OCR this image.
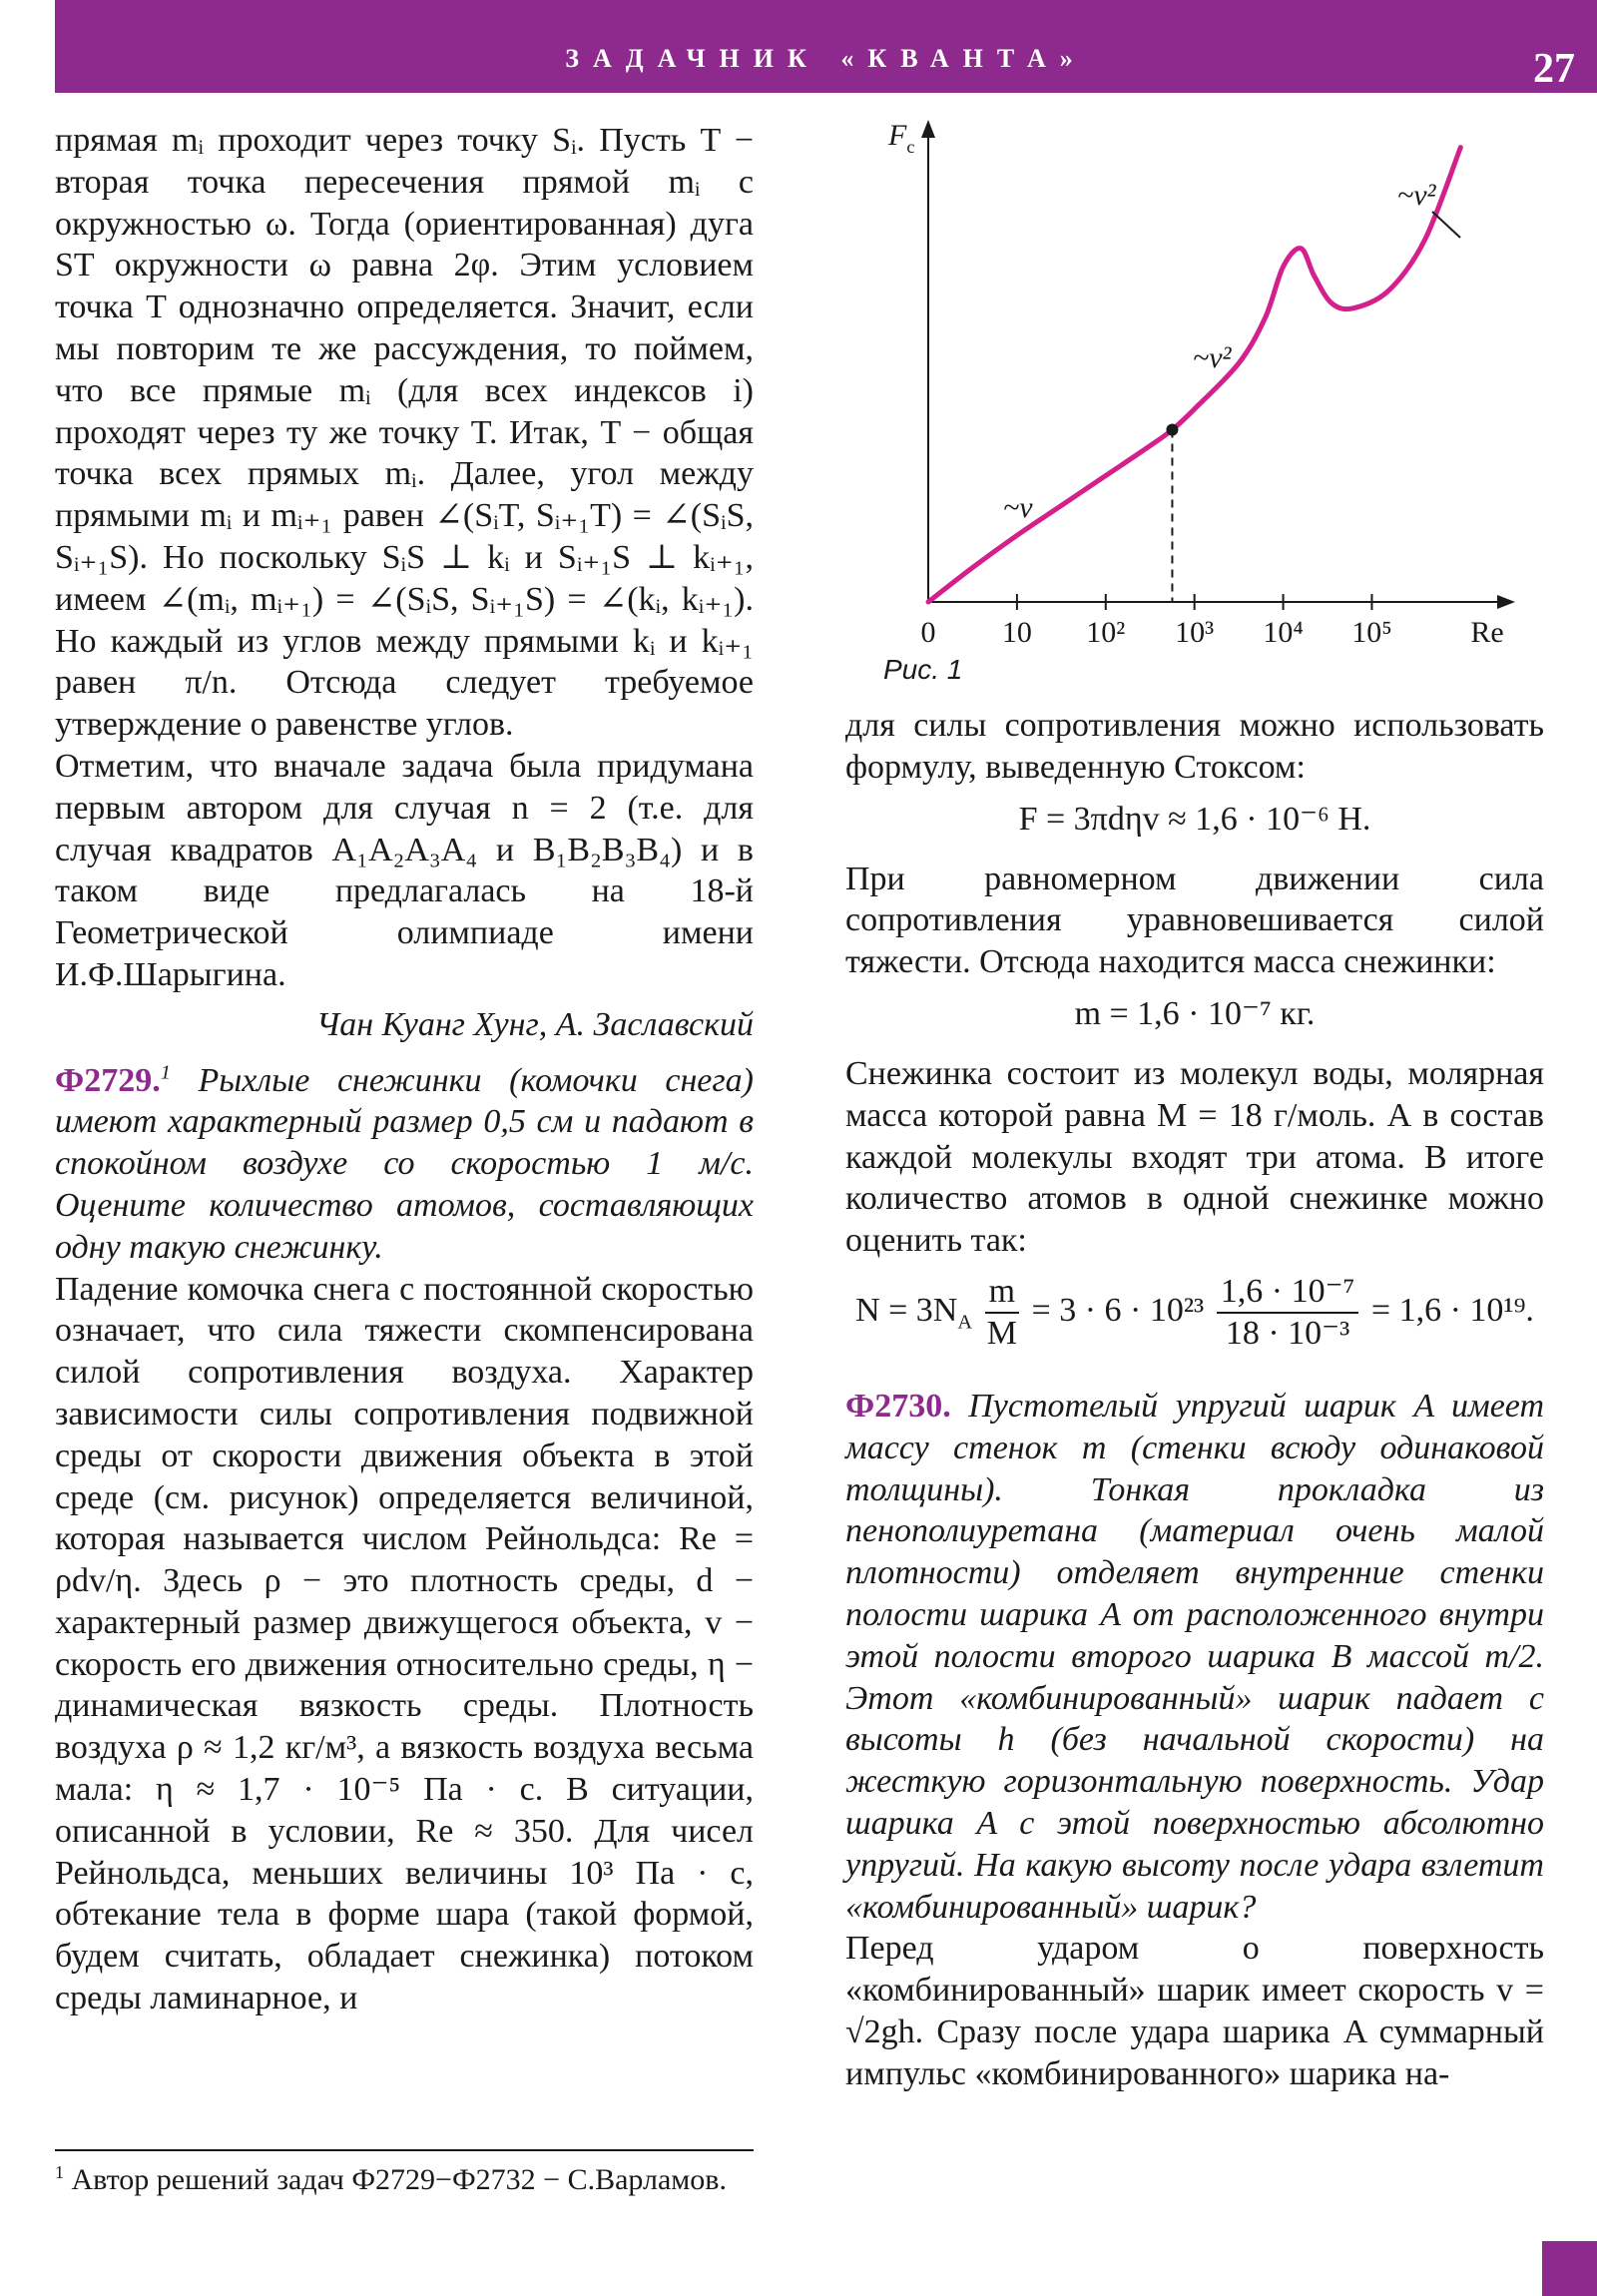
ЗАДАЧНИК «КВАНТА»	27

прямая mᵢ проходит через точку Sᵢ. Пусть T − вторая точка пересечения прямой mᵢ с окружностью ω. Тогда (ориентированная) дуга ST окружности ω равна 2φ. Этим условием точка T однозначно определяется. Значит, если мы повторим те же рассуждения, то поймем, что все прямые mᵢ (для всех индексов i) проходят через ту же точку T. Итак, T − общая точка всех прямых mᵢ. Далее, угол между прямыми mᵢ и mᵢ₊₁ равен ∠(SᵢT, Sᵢ₊₁T) = ∠(SᵢS, Sᵢ₊₁S). Но поскольку SᵢS ⊥ kᵢ и Sᵢ₊₁S ⊥ kᵢ₊₁, имеем ∠(mᵢ, mᵢ₊₁) = ∠(SᵢS, Sᵢ₊₁S) = ∠(kᵢ, kᵢ₊₁). Но каждый из углов между прямыми kᵢ и kᵢ₊₁ равен π/n. Отсюда следует требуемое утверждение о равенстве углов.

Отметим, что вначале задача была придумана первым автором для случая n = 2 (т.е. для случая квадратов A₁A₂A₃A₄ и B₁B₂B₃B₄) и в таком виде предлагалась на 18-й Геометрической олимпиаде имени И.Ф.Шарыгина.

Чан Куанг Хунг, А. Заславский

Ф2729.$^1$ Рыхлые снежинки (комочки снега) имеют характерный размер 0,5 см и падают в спокойном воздухе со скоростью 1 м/с. Оцените количество атомов, составляющих одну такую снежинку.

Падение комочка снега с постоянной скоростью означает, что сила тяжести скомпенсирована силой сопротивления воздуха. Характер зависимости силы сопротивления подвижной среды от скорости движения объекта в этой среде (см. рисунок) определяется величиной, которая называется числом Рейнольдса: Re = ρdv/η. Здесь ρ − это плотность среды, d − характерный размер движущегося объекта, v − скорость его движения относительно среды, η − динамическая вязкость среды. Плотность воздуха ρ ≈ 1,2 кг/м³, а вязкость воздуха весьма мала: η ≈ 1,7 · 10⁻⁵ Па · с. В ситуации, описанной в условии, Re ≈ 350. Для чисел Рейнольдса, меньших величины 10³ Па · с, обтекание тела в форме шара (такой формой, будем считать, обладает снежинка) потоком среды ламинарное, и

$^1$ Автор решений задач Ф2729−Ф2732 − С.Варламов.
$F_c$
0 10 10² 10³ 10⁴ 10⁵	Re
~v
~v²
~v²
Рис. 1

для силы сопротивления можно использовать формулу, выведенную Стоксом:

F = 3πdηv ≈ 1,6 · 10⁻⁶ Н.

При равномерном движении сила сопротивления уравновешивается силой тяжести. Отсюда находится масса снежинки:

m = 1,6 · 10⁻⁷ кг.

Снежинка состоит из молекул воды, молярная масса которой равна M = 18 г/моль. А в состав каждой молекулы входят три атома. В итоге количество атомов в одной снежинке можно оценить так:

$N = 3N_A \frac{m}{M} = 3 \cdot 6 \cdot 10^{23} \frac{\text{1,6 · 10⁻⁷}}{\text{18 · 10⁻³}} = 1,6 \cdot 10^{19}$.

Ф2730. Пустотелый упругий шарик A имеет массу стенок m (стенки всюду одинаковой толщины). Тонкая прокладка из пенополиуретана (материал очень малой плотности) отделяет внутренние стенки полости шарика A от расположенного внутри этой полости второго шарика B массой m/2. Этот «комбинированный» шарик падает с высоты h (без начальной скорости) на жесткую горизонтальную поверхность. Удар шарика A с этой поверхностью абсолютно упругий. На какую высоту после удара взлетит «комбинированный» шарик?

Перед ударом о поверхность «комбинированный» шарик имеет скорость v = √2gh. Сразу после удара шарика A суммарный импульс «комбинированного» шарика на-
